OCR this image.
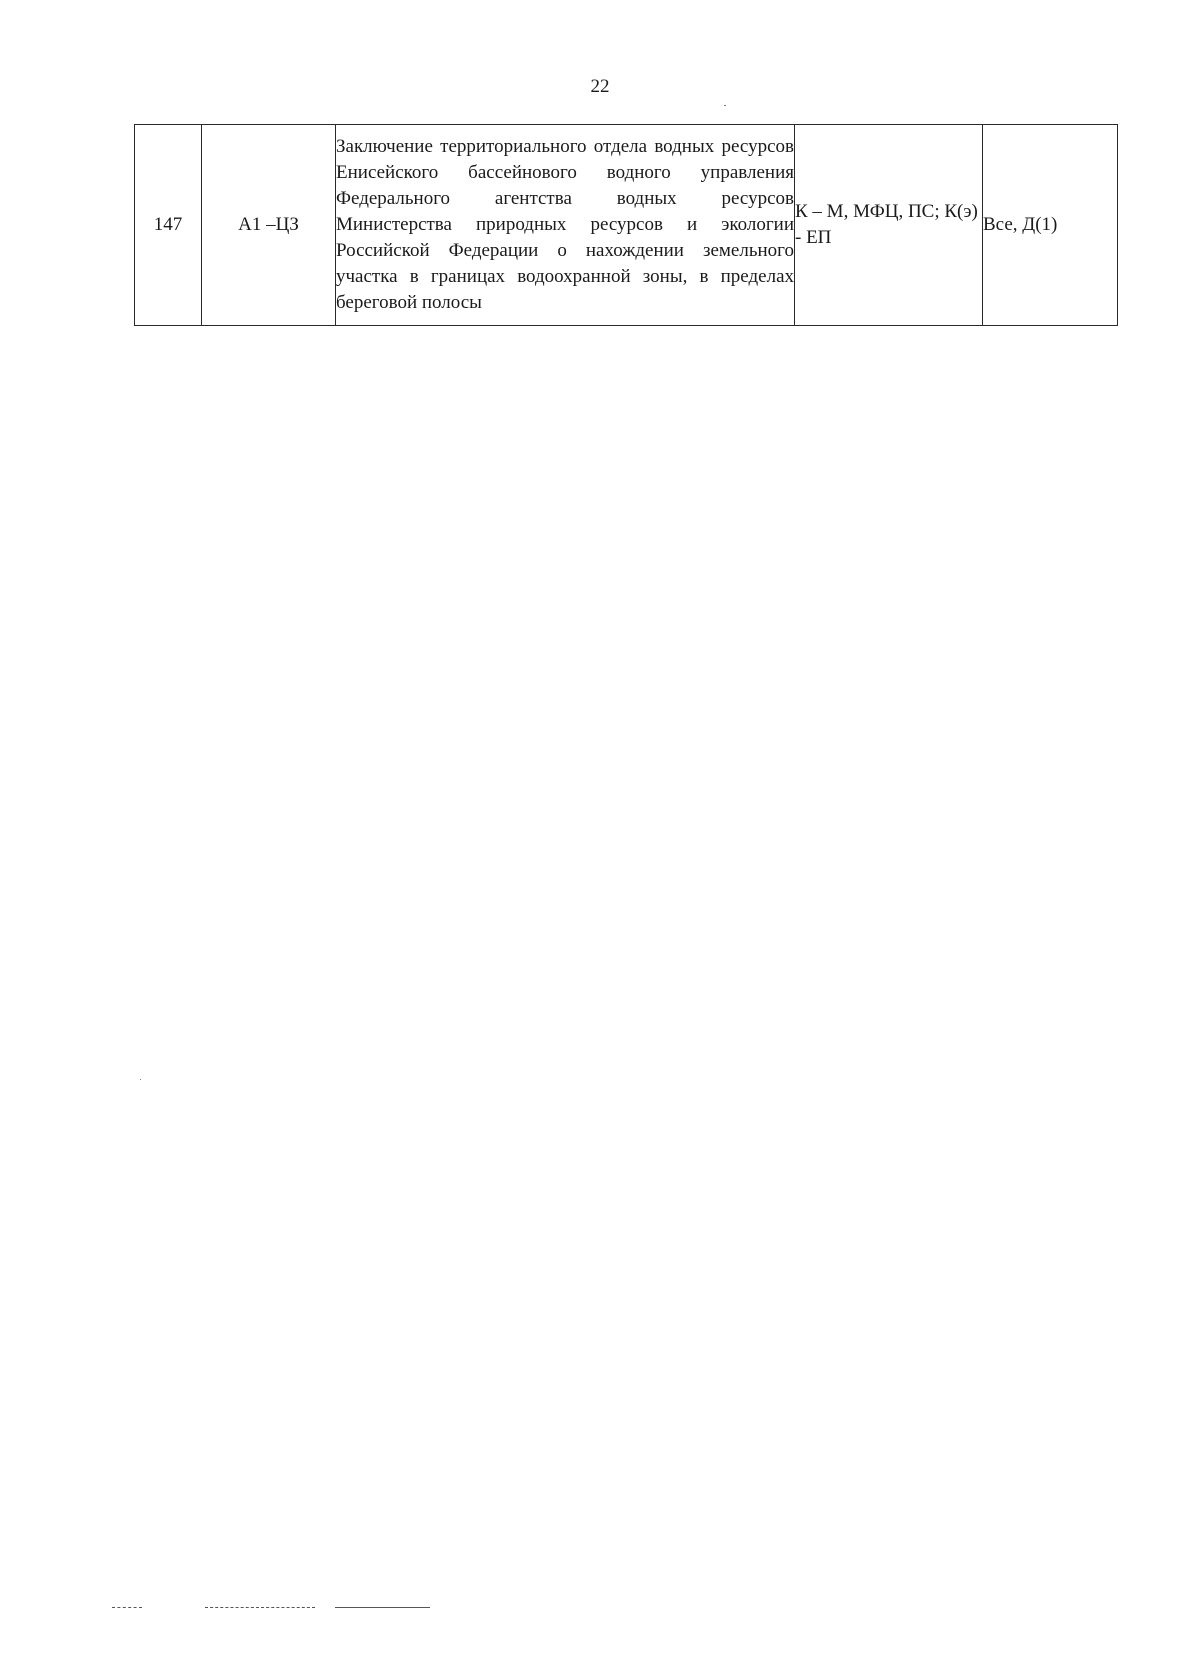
22
147	А1 –ЦЗ	Заключение территориального отдела водных ресурсов Енисейского бассейнового водного управления Федерального агентства водных ресурсов Министерства природных ресурсов и экологии Российской Федерации о нахождении земельного участка в границах водоохранной зоны, в пределах береговой полосы	К – М, МФЦ, ПС; К(э) - ЕП	Все, Д(1)
